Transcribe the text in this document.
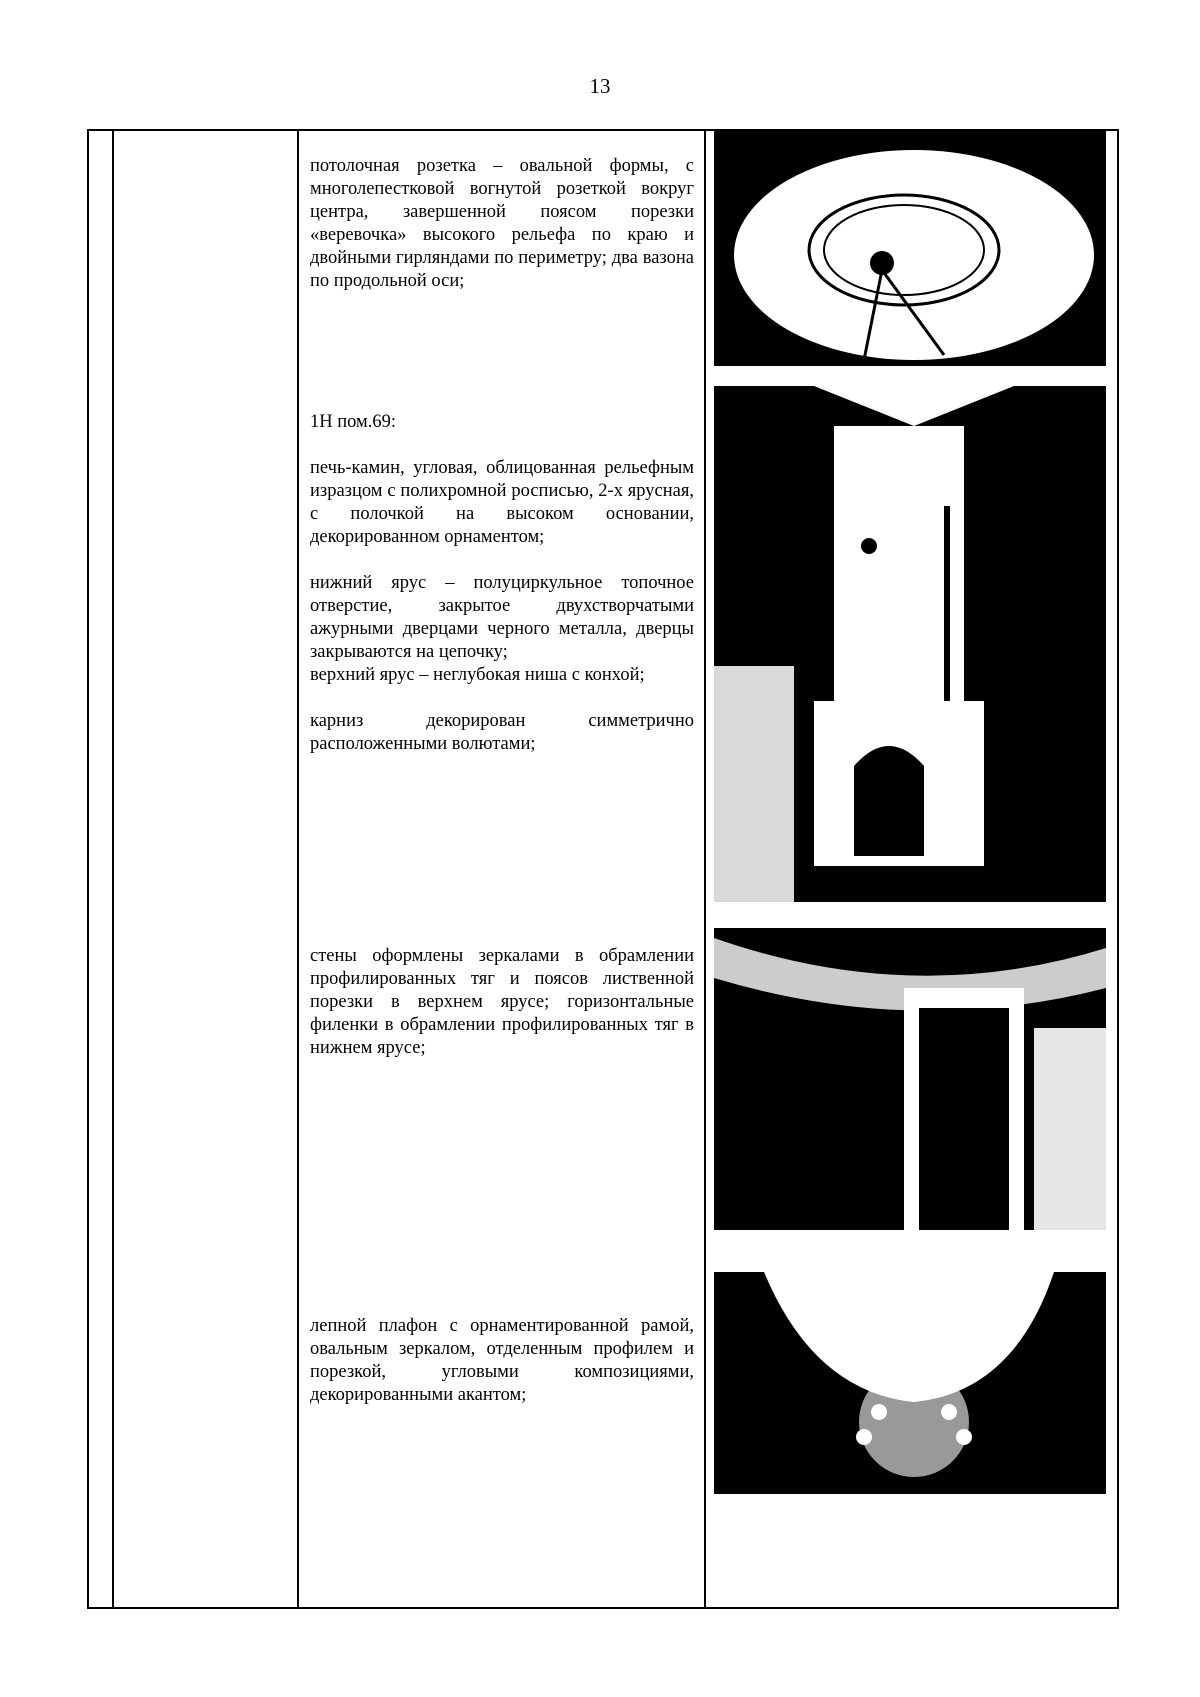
13

потолочная розетка – овальной формы, с многолепестковой вогнутой розеткой вокруг центра, завершенной поясом порезки «веревочка» высокого рельефа по краю и двойными гирляндами по периметру; два вазона по продольной оси;

1Н пом.69:

печь-камин, угловая, облицованная рельефным изразцом с полихромной росписью, 2-х ярусная, с полочкой на высоком основании, декорированном орнаментом;

нижний ярус – полуциркульное топочное отверстие, закрытое двухстворчатыми ажурными дверцами черного металла, дверцы закрываются на цепочку;

верхний ярус – неглубокая ниша с конхой;

карниз декорирован симметрично расположенными волютами;

стены оформлены зеркалами в обрамлении профилированных тяг и поясов лиственной порезки в верхнем ярусе; горизонтальные филенки в обрамлении профилированных тяг в нижнем ярусе;

лепной плафон с орнаментированной рамой, овальным зеркалом, отделенным профилем и порезкой, угловыми композициями, декорированными акантом;
